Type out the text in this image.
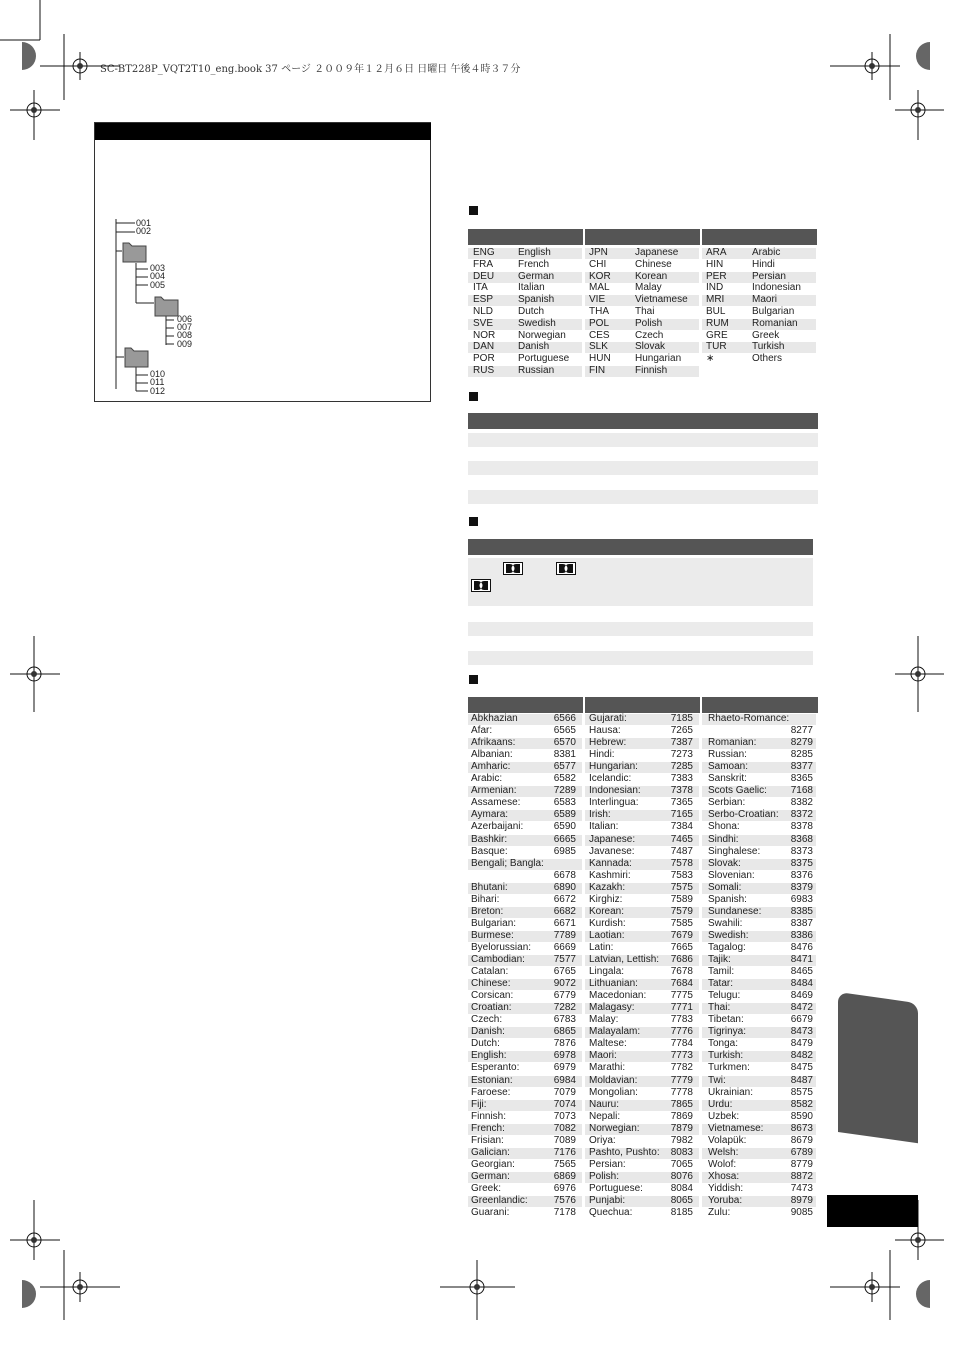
SC-BT228P_VQT2T10_eng.book 37 ページ ２００９年１２月６日 日曜日 午後４時３７分
001
002
003
004
005
006
007
008
009
010
011
012
ENG English
FRA	French
DEU German
ITA	Italian
ESP Spanish
NLD Dutch
SVE Swedish
NOR Norwegian
DAN Danish
POR Portuguese
RUS Russian
JPN	Japanese
CHI	Chinese
KOR Korean
MAL	Malay
VIE	Vietnamese
THA	Thai
POL	Polish
CES	Czech
SLK	Slovak
HUN Hungarian
FIN	Finnish
ARA	Arabic
HIN	Hindi
PER	Persian
IND	Indonesian
MRI	Maori
BUL	Bulgarian
RUM Romanian
GRE Greek
TUR	Turkish
∗	Others
Abkhazian	6566
Afar:	6565
Afrikaans:	6570
Albanian:	8381
Amharic:	6577
Arabic:	6582
Armenian:	7289
Assamese:	6583
Aymara:	6589
Azerbaijani:	6590
Bashkir:	6665
Basque:	6985
Bengali; Bangla:
6678
Bhutani:	6890
Bihari:	6672
Breton:	6682
Bulgarian:	6671
Burmese:	7789
Byelorussian:	6669
Cambodian:	7577
Catalan:	6765
Chinese:	9072
Corsican:	6779
Croatian:	7282
Czech:	6783
Danish:	6865
Dutch:	7876
English:	6978
Esperanto:	6979
Estonian:	6984
Faroese:	7079
Fiji:	7074
Finnish:	7073
French:	7082
Frisian:	7089
Galician:	7176
Georgian:	7565
German:	6869
Greek:	6976
Greenlandic:	7576
Guarani:	7178
Gujarati:	7185
Hausa:	7265
Hebrew:	7387
Hindi:	7273
Hungarian:	7285
Icelandic:	7383
Indonesian:	7378
Interlingua:	7365
Irish:	7165
Italian:	7384
Japanese:	7465
Javanese:	7487
Kannada:	7578
Kashmiri:	7583
Kazakh:	7575
Kirghiz:	7589
Korean:	7579
Kurdish:	7585
Laotian:	7679
Latin:	7665
Latvian, Lettish:	7686
Lingala:	7678
Lithuanian:	7684
Macedonian:	7775
Malagasy:	7771
Malay:	7783
Malayalam:	7776
Maltese:	7784
Maori:	7773
Marathi:	7782
Moldavian:	7779
Mongolian:	7778
Nauru:	7865
Nepali:	7869
Norwegian:	7879
Oriya:	7982
Pashto, Pushto:	8083
Persian:	7065
Polish:	8076
Portuguese:	8084
Punjabi:	8065
Quechua:	8185
Rhaeto-Romance:
8277
Romanian:	8279
Russian:	8285
Samoan:	8377
Sanskrit:	8365
Scots Gaelic:	7168
Serbian:	8382
Serbo-Croatian:	8372
Shona:	8378
Sindhi:	8368
Singhalese:	8373
Slovak:	8375
Slovenian:	8376
Somali:	8379
Spanish:	6983
Sundanese:	8385
Swahili:	8387
Swedish:	8386
Tagalog:	8476
Tajik:	8471
Tamil:	8465
Tatar:	8484
Telugu:	8469
Thai:	8472
Tibetan:	6679
Tigrinya:	8473
Tonga:	8479
Turkish:	8482
Turkmen:	8475
Twi:	8487
Ukrainian:	8575
Urdu:	8582
Uzbek:	8590
Vietnamese:	8673
Volapük:	8679
Welsh:	6789
Wolof:	8779
Xhosa:	8872
Yiddish:	7473
Yoruba:	8979
Zulu:	9085
